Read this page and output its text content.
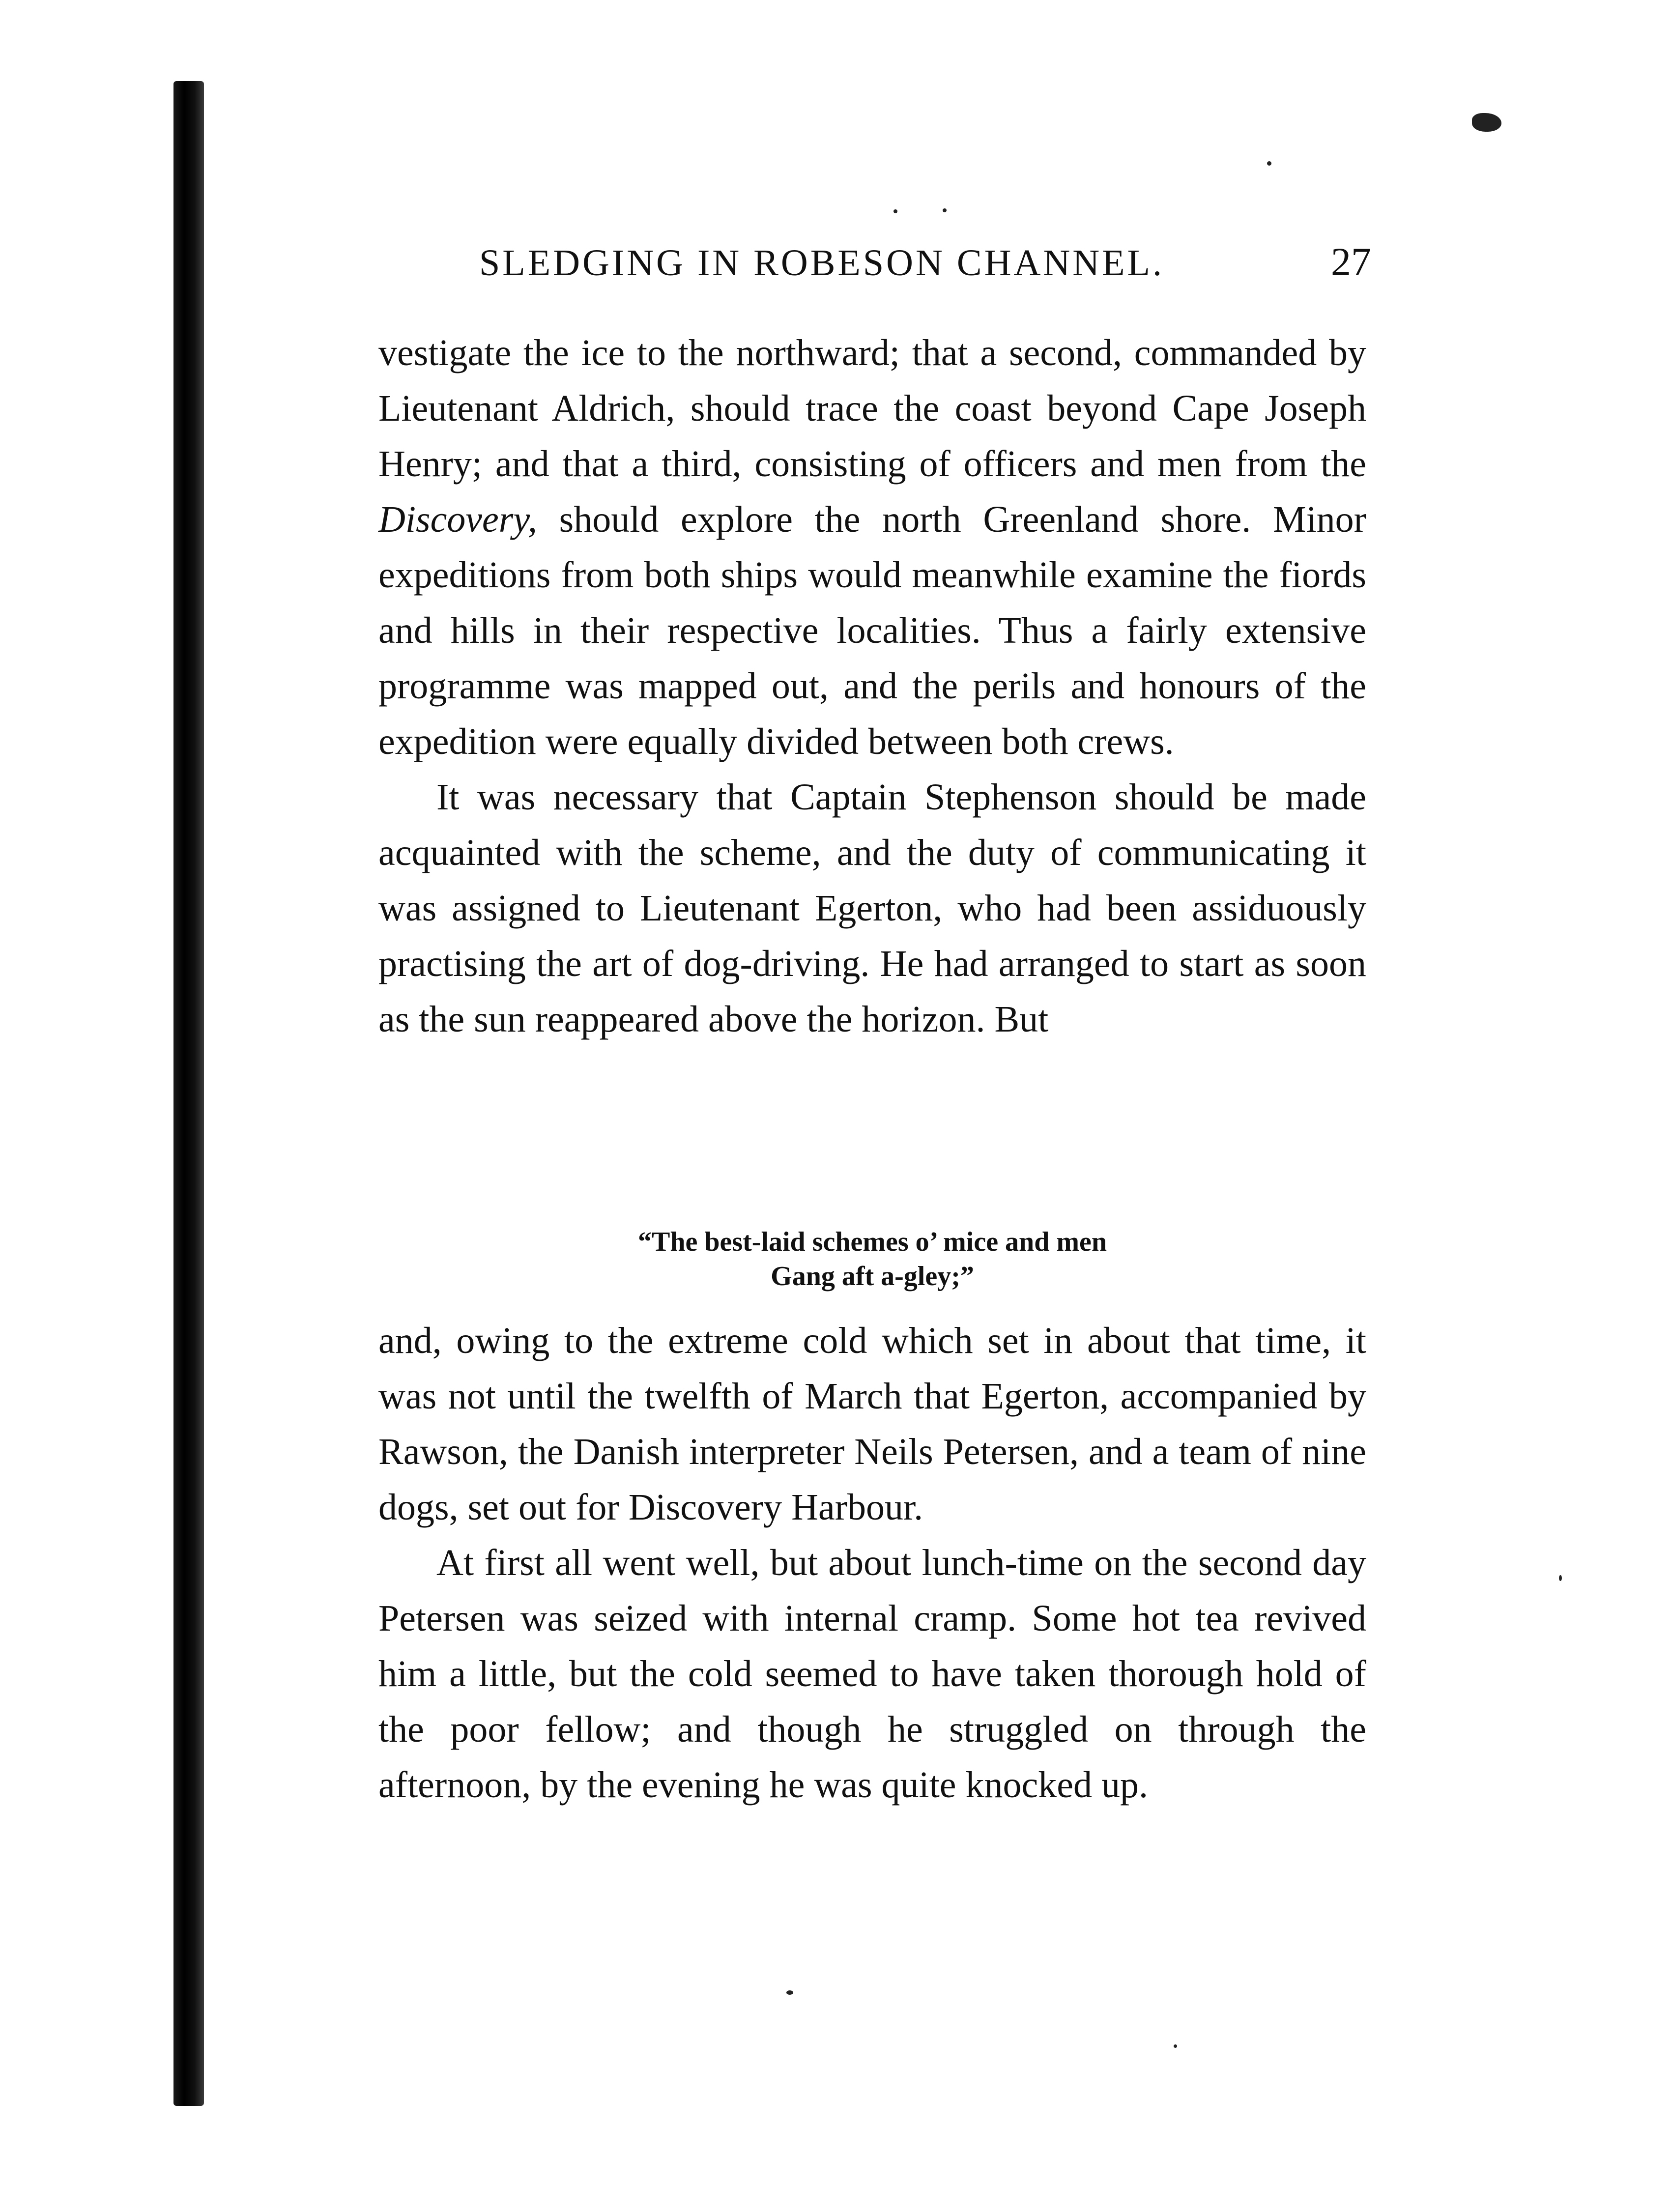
SLEDGING IN ROBESON CHANNEL.	27

vestigate the ice to the northward; that a second, commanded by Lieutenant Aldrich, should trace the coast beyond Cape Joseph Henry; and that a third, consisting of officers and men from the Discovery, should explore the north Greenland shore. Minor expeditions from both ships would meanwhile examine the fiords and hills in their respective localities. Thus a fairly extensive programme was mapped out, and the perils and honours of the expedition were equally divided between both crews.

It was necessary that Captain Stephenson should be made acquainted with the scheme, and the duty of communicating it was assigned to Lieutenant Egerton, who had been assiduously practising the art of dog-driving. He had arranged to start as soon as the sun reappeared above the horizon. But

“The best-laid schemes o’ mice and men
Gang aft a-gley;”

and, owing to the extreme cold which set in about that time, it was not until the twelfth of March that Egerton, accompanied by Rawson, the Danish interpreter Neils Petersen, and a team of nine dogs, set out for Discovery Harbour.

At first all went well, but about lunch-time on the second day Petersen was seized with internal cramp. Some hot tea revived him a little, but the cold seemed to have taken thorough hold of the poor fellow; and though he struggled on through the afternoon, by the evening he was quite knocked up.
